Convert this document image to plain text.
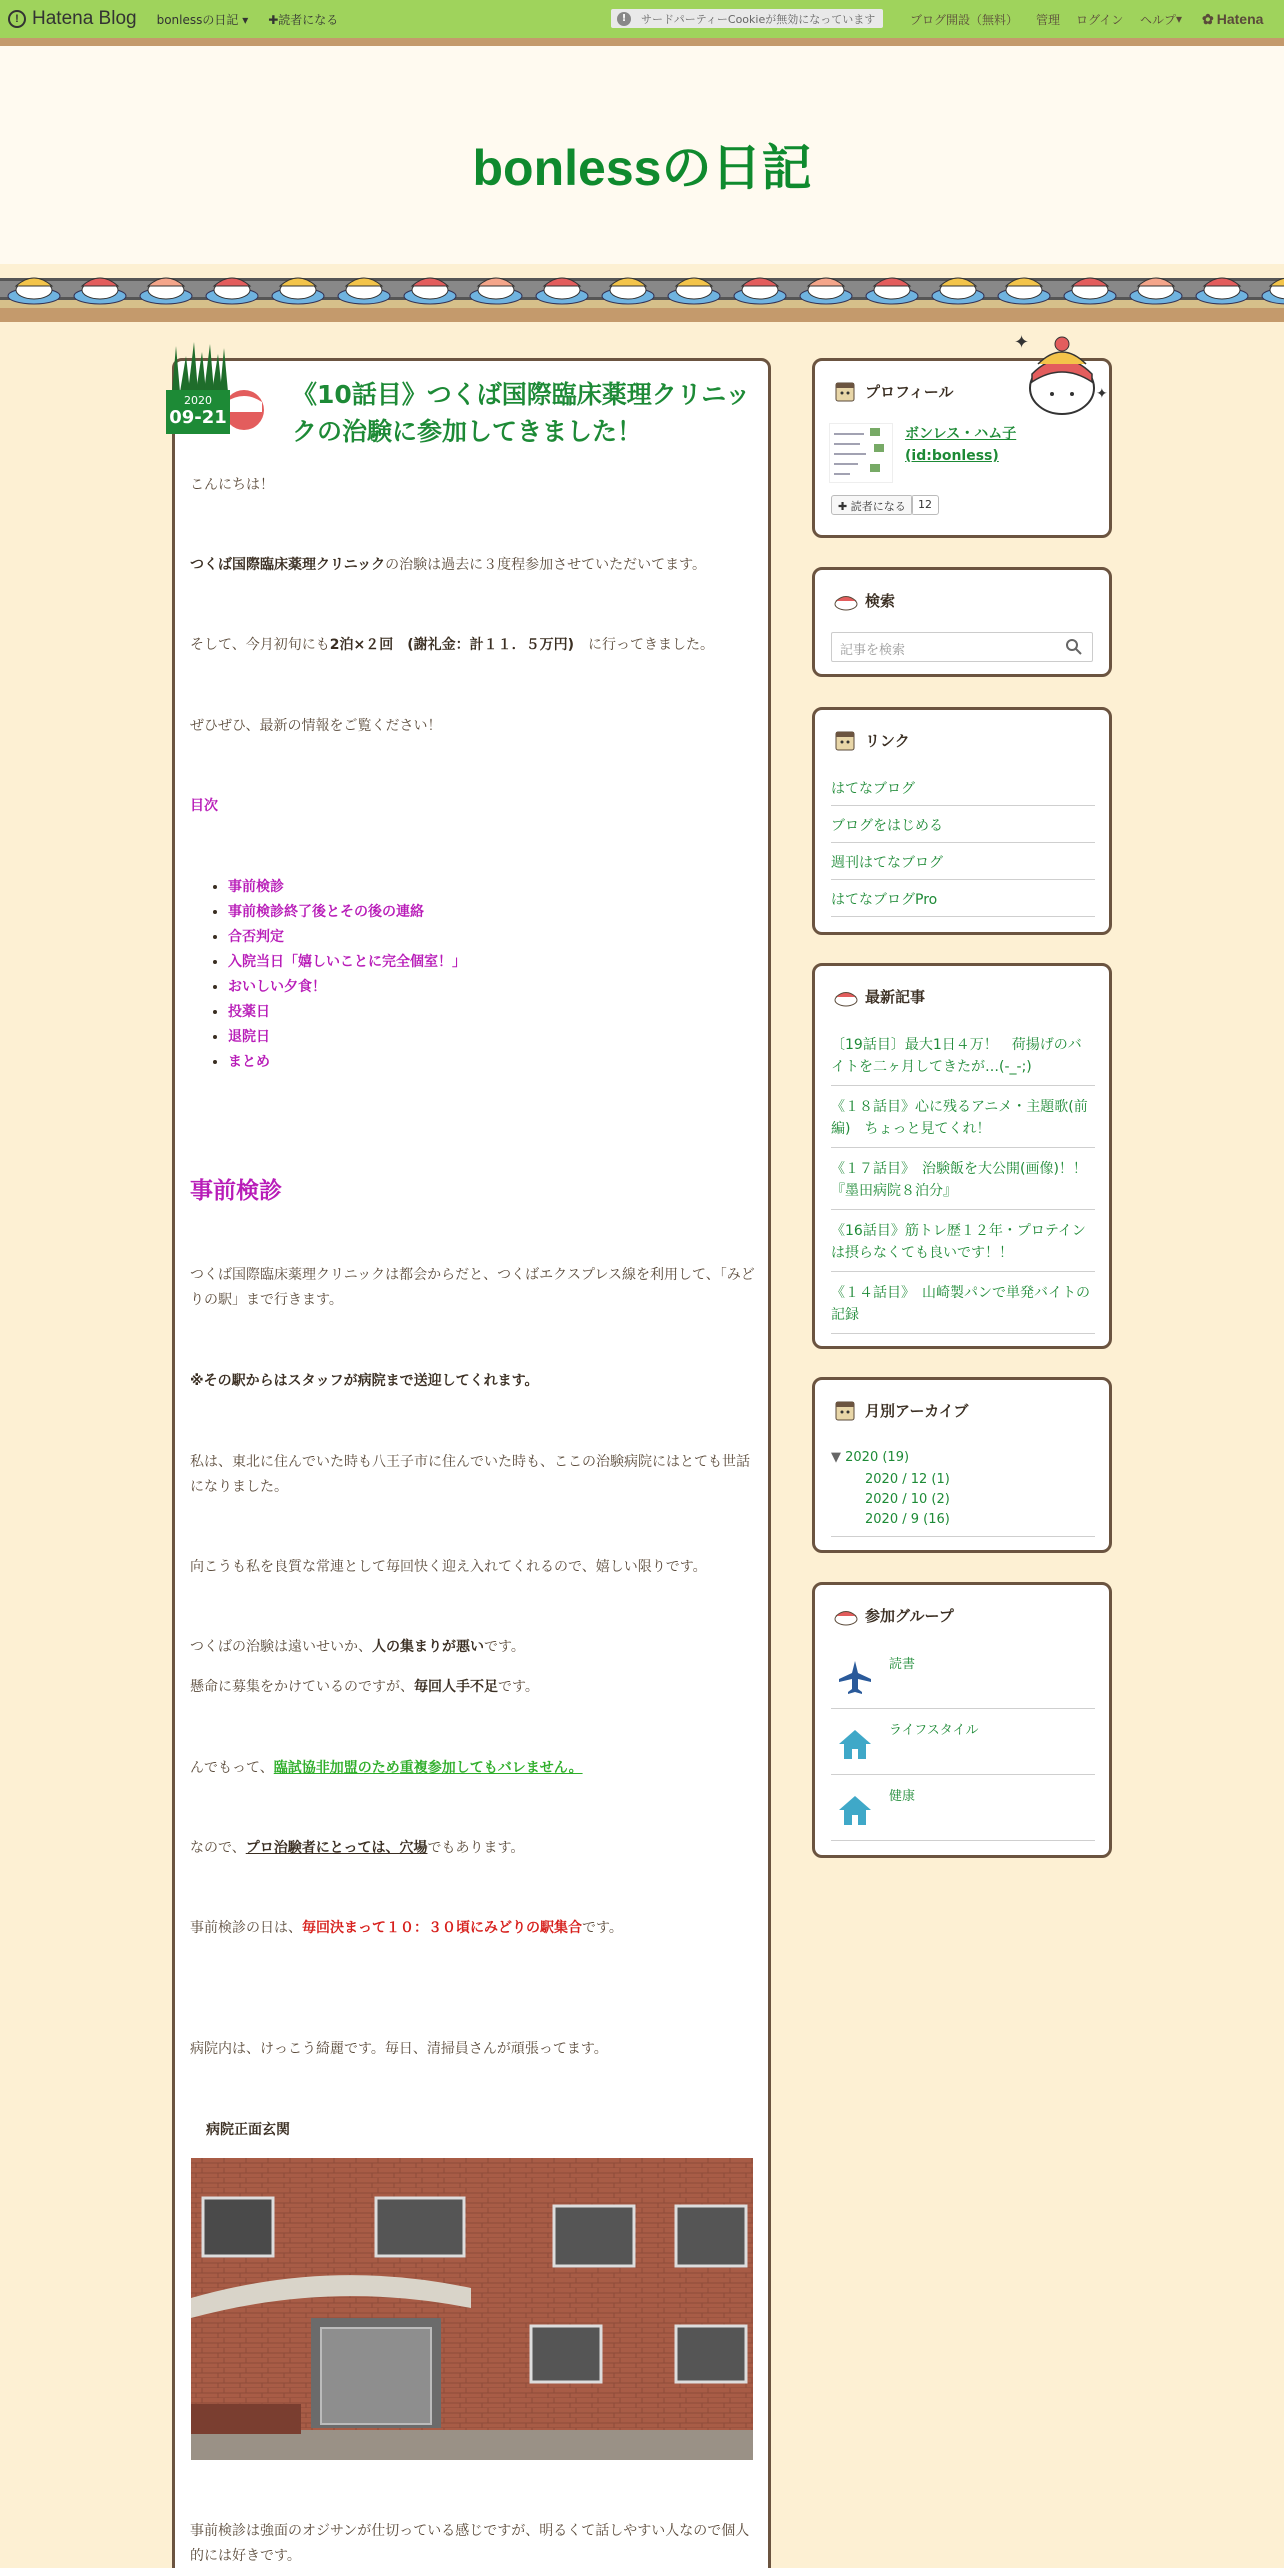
! Hatena Blog bonlessの日記 ▾ ✚読者になる	!	サードパーティーCookieが無効になっています	ブログ開設（無料） 管理 ログイン ヘルプ ▾ ✿ Hatena
bonlessの日記
2020
09-21
《10話目》つくば国際臨床薬理クリニックの治験に参加してきました！

こんにちは！

つくば国際臨床薬理クリニックの治験は過去に３度程参加させていただいてます。

そして、今月初旬にも2泊×２回　(謝礼金：計１１．５万円)　に行ってきました。

ぜひぜひ、最新の情報をご覧ください！

目次

• 事前検診
• 事前検診終了後とその後の連絡
• 合否判定
• 入院当日「嬉しいことに完全個室！」
• おいしい夕食！
• 投薬日
• 退院日
• まとめ
事前検診

つくば国際臨床薬理クリニックは都会からだと、つくばエクスプレス線を利用して、「みどりの駅」まで行きます。

※その駅からはスタッフが病院まで送迎してくれます。

私は、東北に住んでいた時も八王子市に住んでいた時も、ここの治験病院にはとても世話になりました。

向こうも私を良質な常連として毎回快く迎え入れてくれるので、嬉しい限りです。

つくばの治験は遠いせいか、人の集まりが悪いです。

懸命に募集をかけているのですが、毎回人手不足です。

んでもって、臨試協非加盟のため重複参加してもバレません。

なので、プロ治験者にとっては、穴場でもあります。

事前検診の日は、毎回決まって１０：３０頃にみどりの駅集合です。

病院内は、けっこう綺麗です。毎日、清掃員さんが頑張ってます。

病院正面玄関

事前検診は強面のオジサンが仕切っている感じですが、明るくて話しやすい人なので個人的には好きです。

プロフィール
ボンレス・ハム子
(id:bonless)
✚ 読者になる	12
✦
✦
検索
記事を検索
リンク
はてなブログ
ブログをはじめる
週刊はてなブログ
はてなブログPro
最新記事
〔19話目〕最大1日４万！　荷揚げのバイトを二ヶ月してきたが…(-_-;)
《１８話目》心に残るアニメ・主題歌(前編)　ちょっと見てくれ！
《１７話目》　治験飯を大公開(画像)！！『墨田病院８泊分』
《16話目》筋トレ歴１２年・プロテインは摂らなくても良いです！！
《１４話目》　山崎製パンで単発バイトの記録
月別アーカイブ
▼ 2020 (19)
2020 / 12 (1)
2020 / 10 (2)
2020 / 9 (16)
参加グループ
読書
ライフスタイル
健康
